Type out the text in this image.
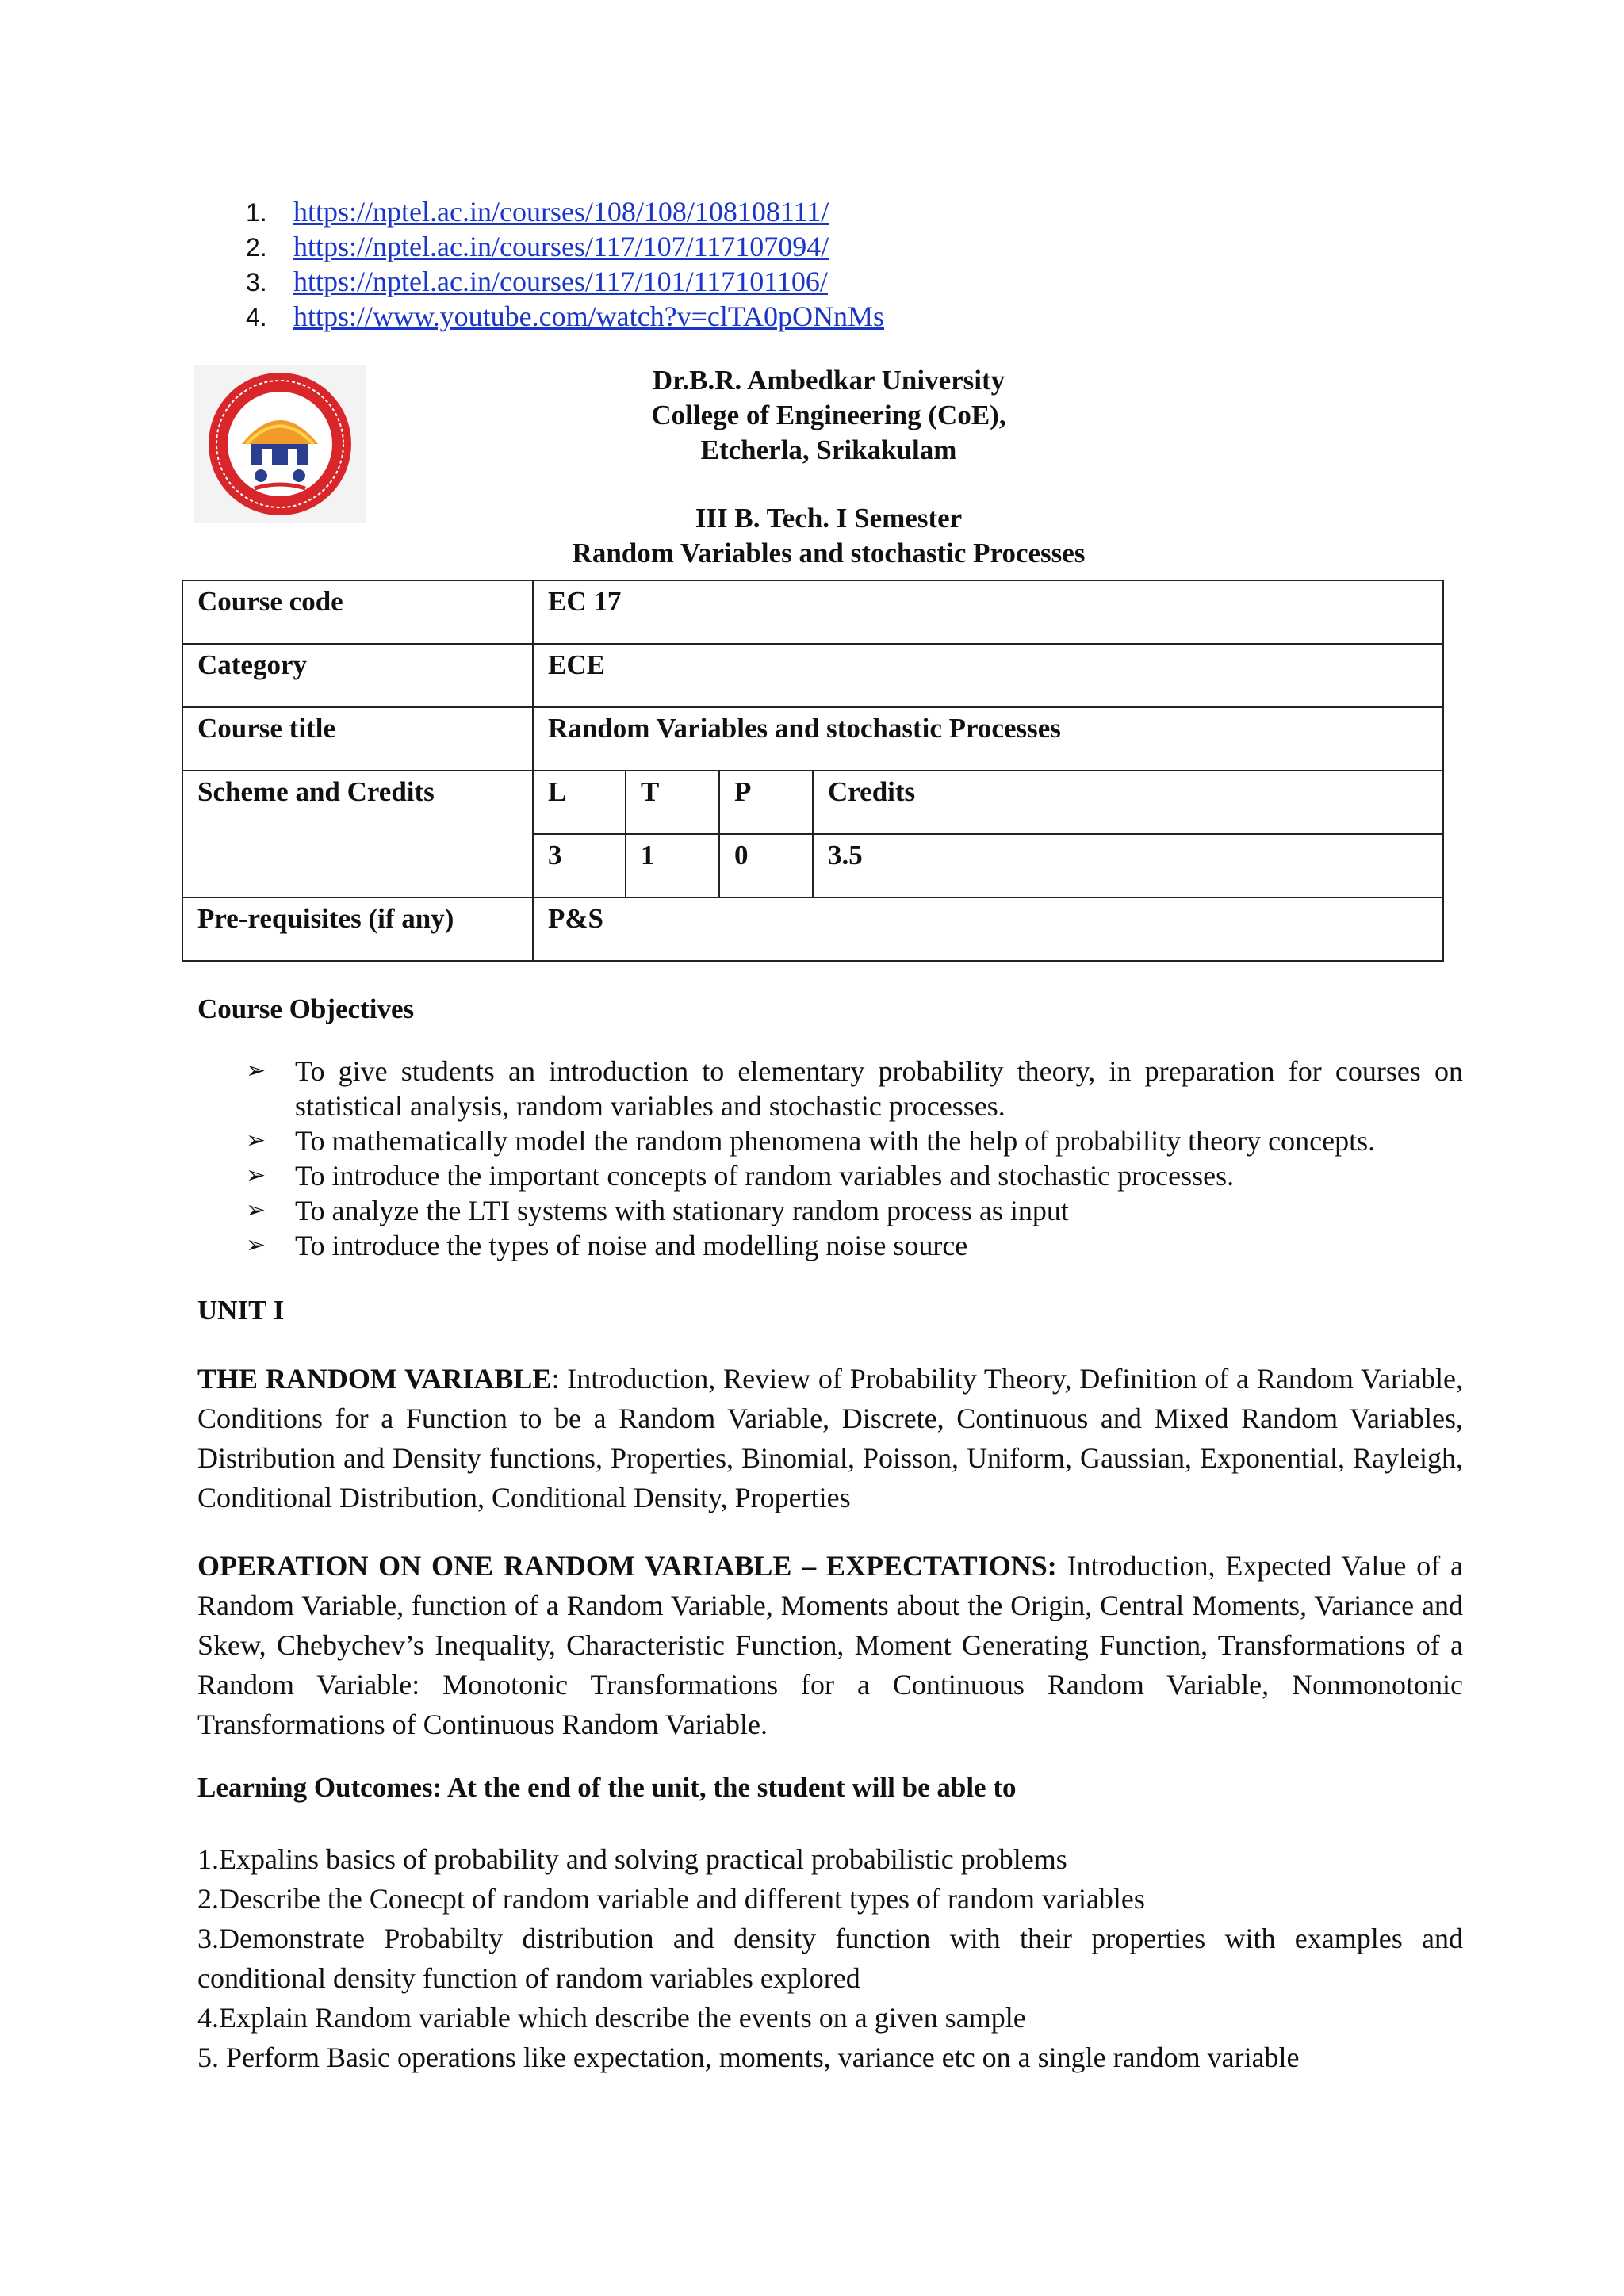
1. https://nptel.ac.in/courses/108/108/108108111/
2. https://nptel.ac.in/courses/117/107/117107094/
3. https://nptel.ac.in/courses/117/101/117101106/
4. https://www.youtube.com/watch?v=clTA0pONnMs
Dr.B.R. Ambedkar University
College of Engineering (CoE),
Etcherla, Srikakulam
III B. Tech. I Semester
Random Variables and stochastic Processes
Course code	EC 17			
Category	ECE			
Course title	Random Variables and stochastic Processes			
Scheme and Credits	L	T	P	Credits
	3	1	0	3.5
Pre-requisites (if any)	P&S			
Course Objectives
➢ To give students an introduction to elementary probability theory, in preparation for courses on statistical analysis, random variables and stochastic processes.
➢ To mathematically model the random phenomena with the help of probability theory concepts.
➢ To introduce the important concepts of random variables and stochastic processes.
➢ To analyze the LTI systems with stationary random process as input
➢ To introduce the types of noise and modelling noise source
UNIT I
THE RANDOM VARIABLE: Introduction, Review of Probability Theory, Definition of a Random Variable, Conditions for a Function to be a Random Variable, Discrete, Continuous and Mixed Random Variables, Distribution and Density functions, Properties, Binomial, Poisson, Uniform, Gaussian, Exponential, Rayleigh, Conditional Distribution, Conditional Density, Properties
OPERATION ON ONE RANDOM VARIABLE – EXPECTATIONS: Introduction, Expected Value of a Random Variable, function of a Random Variable, Moments about the Origin, Central Moments, Variance and Skew, Chebychev’s Inequality, Characteristic Function, Moment Generating Function, Transformations of a Random Variable: Monotonic Transformations for a Continuous Random Variable, Nonmonotonic Transformations of Continuous Random Variable.
Learning Outcomes: At the end of the unit, the student will be able to
1.Expalins basics of probability and solving practical probabilistic problems
2.Describe the Conecpt of random variable and different types of random variables
3.Demonstrate Probabilty distribution and density function with their properties with examples and conditional density function of random variables explored
4.Explain Random variable which describe the events on a given sample
5. Perform Basic operations like expectation, moments, variance etc on a single random variable
